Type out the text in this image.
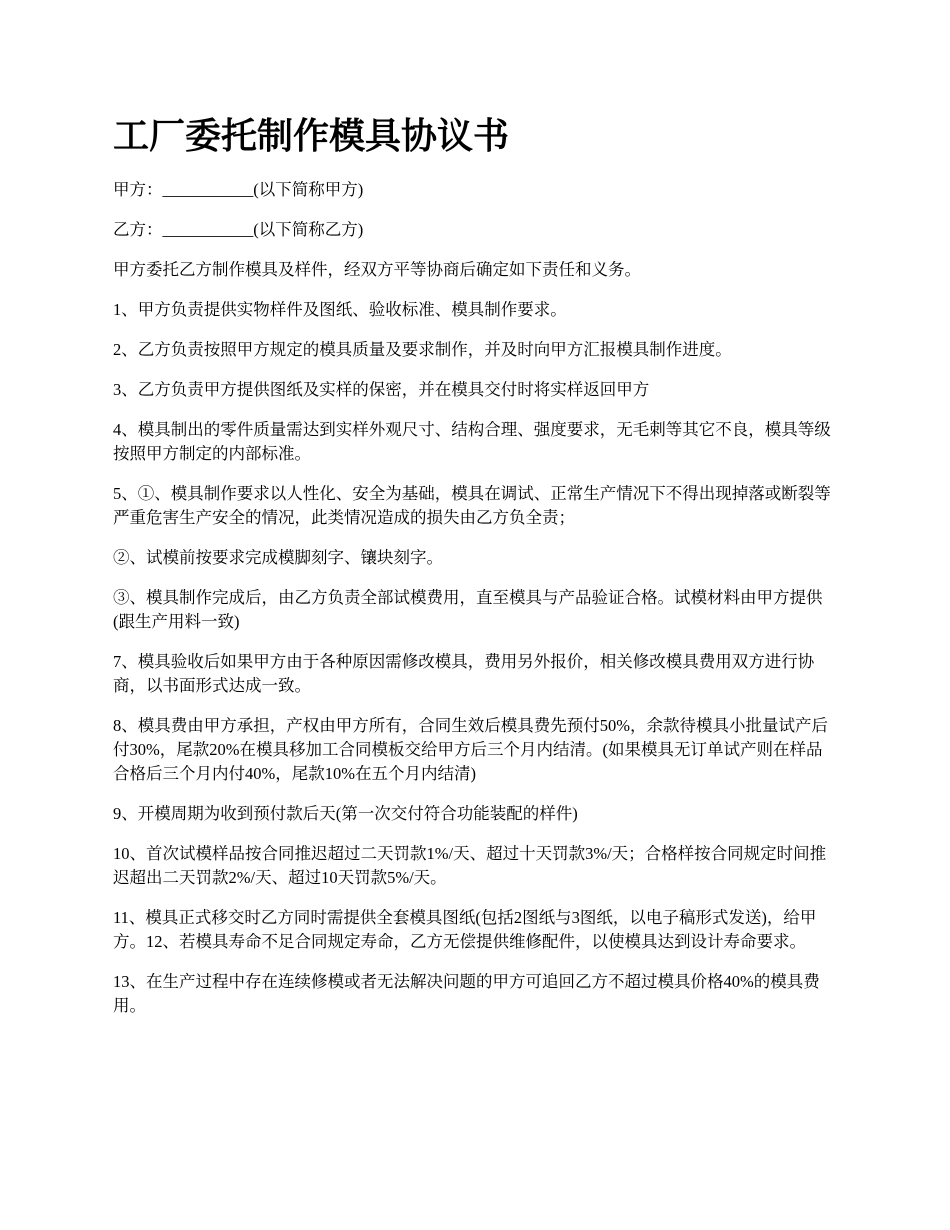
工厂委托制作模具协议书

甲方：___________(以下简称甲方)

乙方：___________(以下简称乙方)

甲方委托乙方制作模具及样件，经双方平等协商后确定如下责任和义务。

1、甲方负责提供实物样件及图纸、验收标准、模具制作要求。

2、乙方负责按照甲方规定的模具质量及要求制作，并及时向甲方汇报模具制作进度。

3、乙方负责甲方提供图纸及实样的保密，并在模具交付时将实样返回甲方

4、模具制出的零件质量需达到实样外观尺寸、结构合理、强度要求，无毛刺等其它不良，模具等级按照甲方制定的内部标准。

5、①、模具制作要求以人性化、安全为基础，模具在调试、正常生产情况下不得出现掉落或断裂等严重危害生产安全的情况，此类情况造成的损失由乙方负全责；

②、试模前按要求完成模脚刻字、镶块刻字。

③、模具制作完成后，由乙方负责全部试模费用，直至模具与产品验证合格。试模材料由甲方提供(跟生产用料一致)

7、模具验收后如果甲方由于各种原因需修改模具，费用另外报价，相关修改模具费用双方进行协商，以书面形式达成一致。

8、模具费由甲方承担，产权由甲方所有，合同生效后模具费先预付50%，余款待模具小批量试产后付30%，尾款20%在模具移加工合同模板交给甲方后三个月内结清。(如果模具无订单试产则在样品合格后三个月内付40%，尾款10%在五个月内结清)

9、开模周期为收到预付款后天(第一次交付符合功能装配的样件)

10、首次试模样品按合同推迟超过二天罚款1%/天、超过十天罚款3%/天；合格样按合同规定时间推迟超出二天罚款2%/天、超过10天罚款5%/天。

11、模具正式移交时乙方同时需提供全套模具图纸(包括2图纸与3图纸，以电子稿形式发送)，给甲方。12、若模具寿命不足合同规定寿命，乙方无偿提供维修配件，以使模具达到设计寿命要求。

13、在生产过程中存在连续修模或者无法解决问题的甲方可追回乙方不超过模具价格40%的模具费用。
